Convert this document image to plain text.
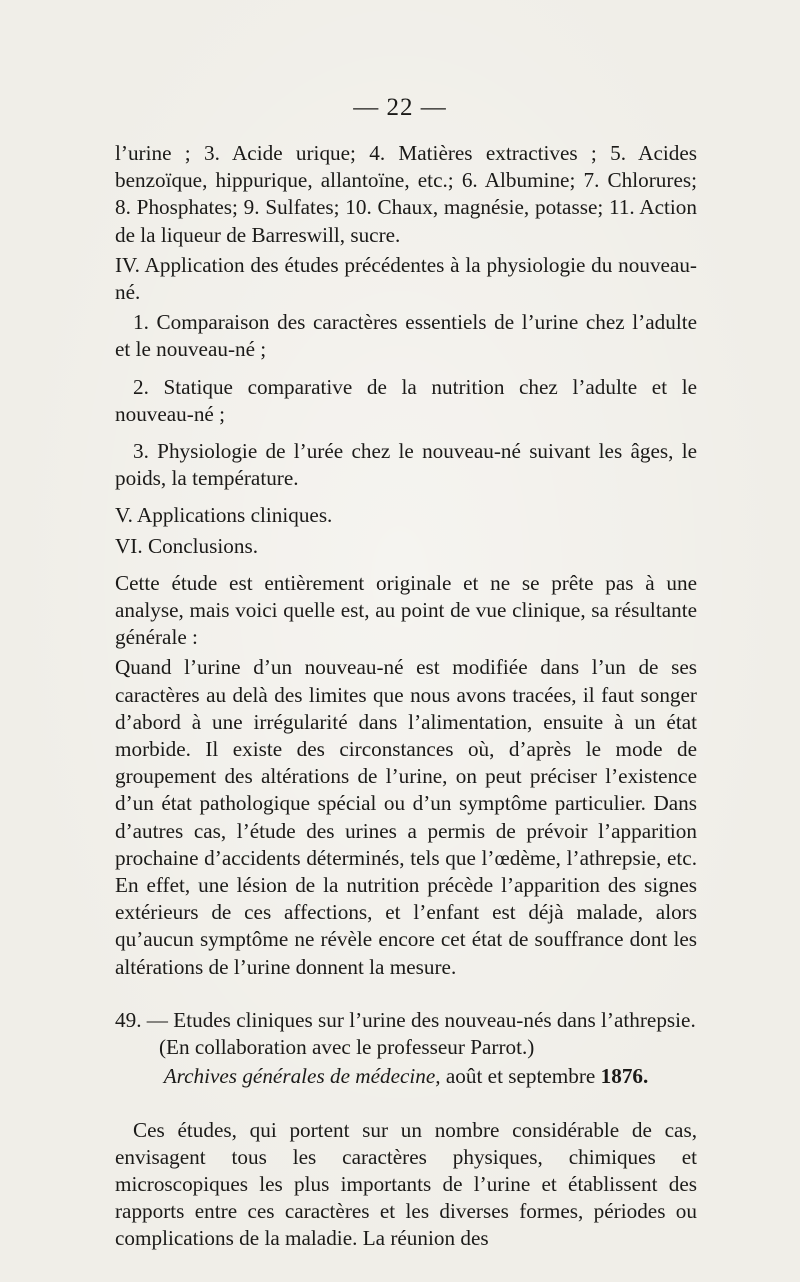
— 22 —

l’urine ; 3. Acide urique; 4. Matières extractives ; 5. Acides benzoïque, hippurique, allantoïne, etc.; 6. Albumine; 7. Chlorures; 8. Phosphates; 9. Sulfates; 10. Chaux, magnésie, potasse; 11. Action de la liqueur de Barreswill, sucre.

IV. Application des études précédentes à la physiologie du nouveau-né.

1. Comparaison des caractères essentiels de l’urine chez l’adulte et le nouveau-né ;

2. Statique comparative de la nutrition chez l’adulte et le nouveau-né ;

3. Physiologie de l’urée chez le nouveau-né suivant les âges, le poids, la température.

V. Applications cliniques.

VI. Conclusions.

Cette étude est entièrement originale et ne se prête pas à une analyse, mais voici quelle est, au point de vue clinique, sa résultante générale :

Quand l’urine d’un nouveau-né est modifiée dans l’un de ses caractères au delà des limites que nous avons tracées, il faut songer d’abord à une irrégularité dans l’alimentation, ensuite à un état morbide. Il existe des circonstances où, d’après le mode de groupement des altérations de l’urine, on peut préciser l’existence d’un état pathologique spécial ou d’un symptôme particulier. Dans d’autres cas, l’étude des urines a permis de prévoir l’apparition prochaine d’accidents déterminés, tels que l’œdème, l’athrepsie, etc. En effet, une lésion de la nutrition précède l’apparition des signes extérieurs de ces affections, et l’enfant est déjà malade, alors qu’aucun symptôme ne révèle encore cet état de souffrance dont les altérations de l’urine donnent la mesure.

49. — Etudes cliniques sur l’urine des nouveau-nés dans l’athrepsie. (En collaboration avec le professeur Parrot.)

Archives générales de médecine, août et septembre 1876.

Ces études, qui portent sur un nombre considérable de cas, envisagent tous les caractères physiques, chimiques et microscopiques les plus importants de l’urine et établissent des rapports entre ces caractères et les diverses formes, périodes ou complications de la maladie. La réunion des
